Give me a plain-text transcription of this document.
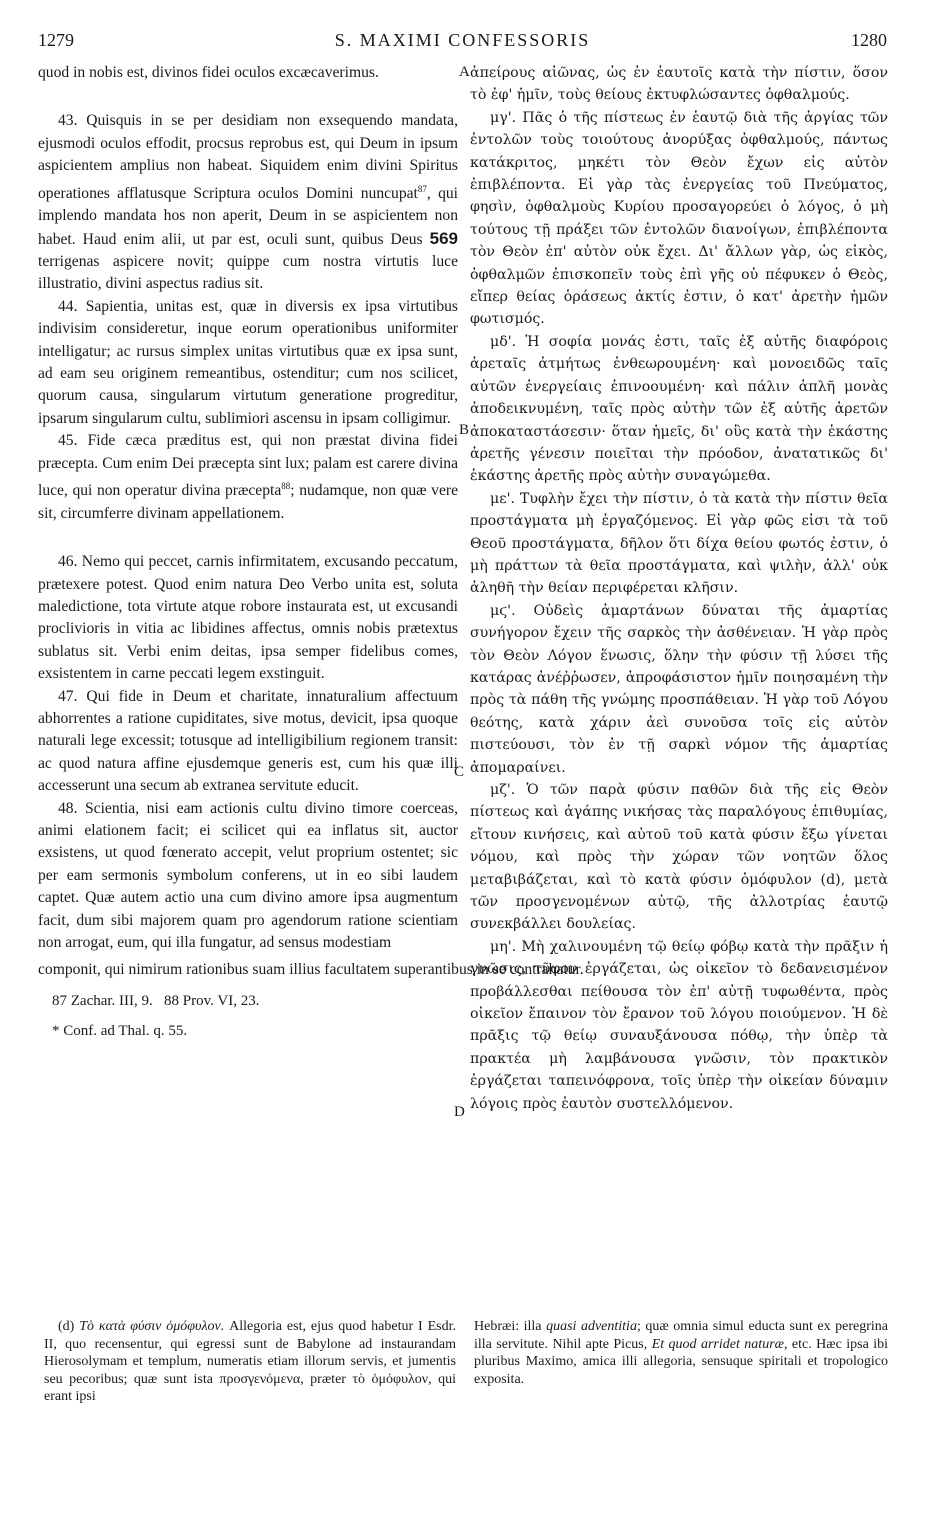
1279	S. MAXIMI CONFESSORIS	1280
A
B
C
D

quod in nobis est, divinos fidei oculos excæcaverimus.

43. Quisquis in se per desidiam non exsequendo mandata, ejusmodi oculos effodit, procsus reprobus est, qui Deum in ipsum aspicientem amplius non habeat. Siquidem enim divini Spiritus operationes afflatusque Scriptura oculos Domini nuncupat$^{87}$, qui implendo mandata hos non aperit, Deum in se aspicientem non habet. Haud enim alii, ut par est, oculi sunt, quibus Deus 569 terrigenas aspicere novit; quippe cum nostra virtutis luce illustratio, divini aspectus radius sit.

44. Sapientia, unitas est, quæ in diversis ex ipsa virtutibus indivisim consideretur, inque eorum operationibus uniformiter intelligatur; ac rursus simplex unitas virtutibus quæ ex ipsa sunt, ad eam seu originem remeantibus, ostenditur; cum nos scilicet, quorum causa, singularum virtutum generatione progreditur, ipsarum singularum cultu, sublimiori ascensu in ipsam colligimur.

45. Fide cæca præditus est, qui non præstat divina fidei præcepta. Cum enim Dei præcepta sint lux; palam est carere divina luce, qui non operatur divina præcepta$^{88}$; nudamque, non quæ vere sit, circumferre divinam appellationem.

46. Nemo qui peccet, carnis infirmitatem, excusando peccatum, prætexere potest. Quod enim natura Deo Verbo unita est, soluta maledictione, tota virtute atque robore instaurata est, ut excusandi proclivioris in vitia ac libidines affectus, omnis nobis prætextus sublatus sit. Verbi enim deitas, ipsa semper fidelibus comes, exsistentem in carne peccati legem exstinguit.

47. Qui fide in Deum et charitate, innaturalium affectuum abhorrentes a ratione cupiditates, sive motus, devicit, ipsa quoque naturali lege excessit; totusque ad intelligibilium regionem transit: ac quod natura affine ejusdemque generis est, cum his quæ illi accesserunt una secum ab extranea servitute educit.

48. Scientia, nisi eam actionis cultu divino timore coerceas, animi elationem facit; ei scilicet qui ea inflatus sit, auctor exsistens, ut quod fœnerato accepit, velut proprium ostentet; sic per eam sermonis symbolum conferens, ut in eo sibi laudem captet. Quæ autem actio una cum divino amore ipsa augmentum facit, dum sibi majorem quam pro agendorum ratione scientiam non arrogat, eum, qui illa fungatur, ad sensus modestiam

ἀπείρους αἰῶνας, ὡς ἐν ἑαυτοῖς κατὰ τὴν πίστιν, ὅσον τὸ ἐφ' ἡμῖν, τοὺς θείους ἐκτυφλώσαντες ὀφθαλμούς.

μγ'. Πᾶς ὁ τῆς πίστεως ἐν ἑαυτῷ διὰ τῆς ἀργίας τῶν ἐντολῶν τοὺς τοιούτους ἀνορύξας ὀφθαλμούς, πάντως κατάκριτος, μηκέτι τὸν Θεὸν ἔχων εἰς αὐτὸν ἐπιβλέποντα. Εἰ γὰρ τὰς ἐνεργείας τοῦ Πνεύματος, φησὶν, ὀφθαλμοὺς Κυρίου προσαγορεύει ὁ λόγος, ὁ μὴ τούτους τῇ πράξει τῶν ἐντολῶν διανοίγων, ἐπιβλέποντα τὸν Θεὸν ἐπ' αὐτὸν οὐκ ἔχει. Δι' ἄλλων γὰρ, ὡς εἰκὸς, ὀφθαλμῶν ἐπισκοπεῖν τοὺς ἐπὶ γῆς οὐ πέφυκεν ὁ Θεὸς, εἴπερ θείας ὁράσεως ἀκτίς ἐστιν, ὁ κατ' ἀρετὴν ἡμῶν φωτισμός.

μδ'. Ἡ σοφία μονάς ἐστι, ταῖς ἐξ αὐτῆς διαφόροις ἀρεταῖς ἀτμήτως ἐνθεωρουμένη· καὶ μονοειδῶς ταῖς αὐτῶν ἐνεργείαις ἐπινοουμένη· καὶ πάλιν ἁπλῆ μονὰς ἀποδεικνυμένη, ταῖς πρὸς αὐτὴν τῶν ἐξ αὐτῆς ἀρετῶν ἀποκαταστάσεσιν· ὅταν ἡμεῖς, δι' οὓς κατὰ τὴν ἑκάστης ἀρετῆς γένεσιν ποιεῖται τὴν πρόοδον, ἀνατατικῶς δι' ἑκάστης ἀρετῆς πρὸς αὐτὴν συναγώμεθα.

με'. Τυφλὴν ἔχει τὴν πίστιν, ὁ τὰ κατὰ τὴν πίστιν θεῖα προστάγματα μὴ ἐργαζόμενος. Εἰ γὰρ φῶς εἰσι τὰ τοῦ Θεοῦ προστάγματα, δῆλον ὅτι δίχα θείου φωτός ἐστιν, ὁ μὴ πράττων τὰ θεῖα προστάγματα, καὶ ψιλὴν, ἀλλ' οὐκ ἀληθῆ τὴν θείαν περιφέρεται κλῆσιν.

μϛ'. Οὐδεὶς ἁμαρτάνων δύναται τῆς ἁμαρτίας συνήγορον ἔχειν τῆς σαρκὸς τὴν ἀσθένειαν. Ἡ γὰρ πρὸς τὸν Θεὸν Λόγον ἕνωσις, ὅλην τὴν φύσιν τῇ λύσει τῆς κατάρας ἀνέῤῥωσεν, ἀπροφάσιστον ἡμῖν ποιησαμένη τὴν πρὸς τὰ πάθη τῆς γνώμης προσπάθειαν. Ἡ γὰρ τοῦ Λόγου θεότης, κατὰ χάριν ἀεὶ συνοῦσα τοῖς εἰς αὐτὸν πιστεύουσι, τὸν ἐν τῇ σαρκὶ νόμον τῆς ἁμαρτίας ἀπομαραίνει.

μζ'. Ὁ τῶν παρὰ φύσιν παθῶν διὰ τῆς εἰς Θεὸν πίστεως καὶ ἀγάπης νικήσας τὰς παραλόγους ἐπιθυμίας, εἴτουν κινήσεις, καὶ αὐτοῦ τοῦ κατὰ φύσιν ἔξω γίνεται νόμου, καὶ πρὸς τὴν χώραν τῶν νοητῶν ὅλος μεταβιβάζεται, καὶ τὸ κατὰ φύσιν ὁμόφυλον (d), μετὰ τῶν προσγενομένων αὐτῷ, τῆς ἀλλοτρίας ἑαυτῷ συνεκβάλλει δουλείας.

μη'. Μὴ χαλινουμένη τῷ θείῳ φόβῳ κατὰ τὴν πρᾶξιν ἡ γνῶσις, τῦφον ἐργάζεται, ὡς οἰκεῖον τὸ δεδανεισμένον προβάλλεσθαι πείθουσα τὸν ἐπ' αὐτῇ τυφωθέντα, πρὸς οἰκεῖον ἔπαινον τὸν ἔρανον τοῦ λόγου ποιούμενον. Ἡ δὲ πρᾶξις τῷ θείῳ συναυξάνουσα πόθῳ, τὴν ὑπὲρ τὰ πρακτέα μὴ λαμβάνουσα γνῶσιν, τὸν πρακτικὸν ἐργάζεται ταπεινόφρονα, τοῖς ὑπὲρ τὴν οἰκείαν δύναμιν λόγοις πρὸς ἑαυτὸν συστελλόμενον.

componit, qui nimirum rationibus suam illius facultatem superantibus in se contrahatur.
87 Zachar. III, 9. 88 Prov. VI, 23.
* Conf. ad Thal. q. 55.

(d) Τὸ κατὰ φύσιν ὁμόφυλον. Allegoria est, ejus quod habetur I Esdr. II, quo recensentur, qui egressi sunt de Babylone ad instaurandam Hierosolymam et templum, numeratis etiam illorum servis, et jumentis seu pecoribus; quæ sunt ista προσγενόμενα, præter τὸ ὁμόφυλον, qui erant ipsi

Hebræi: illa quasi adventitia; quæ omnia simul educta sunt ex peregrina illa servitute. Nihil apte Picus, Et quod arridet naturæ, etc. Hæc ipsa ibi pluribus Maximo, amica illi allegoria, sensuque spiritali et tropologico exposita.
